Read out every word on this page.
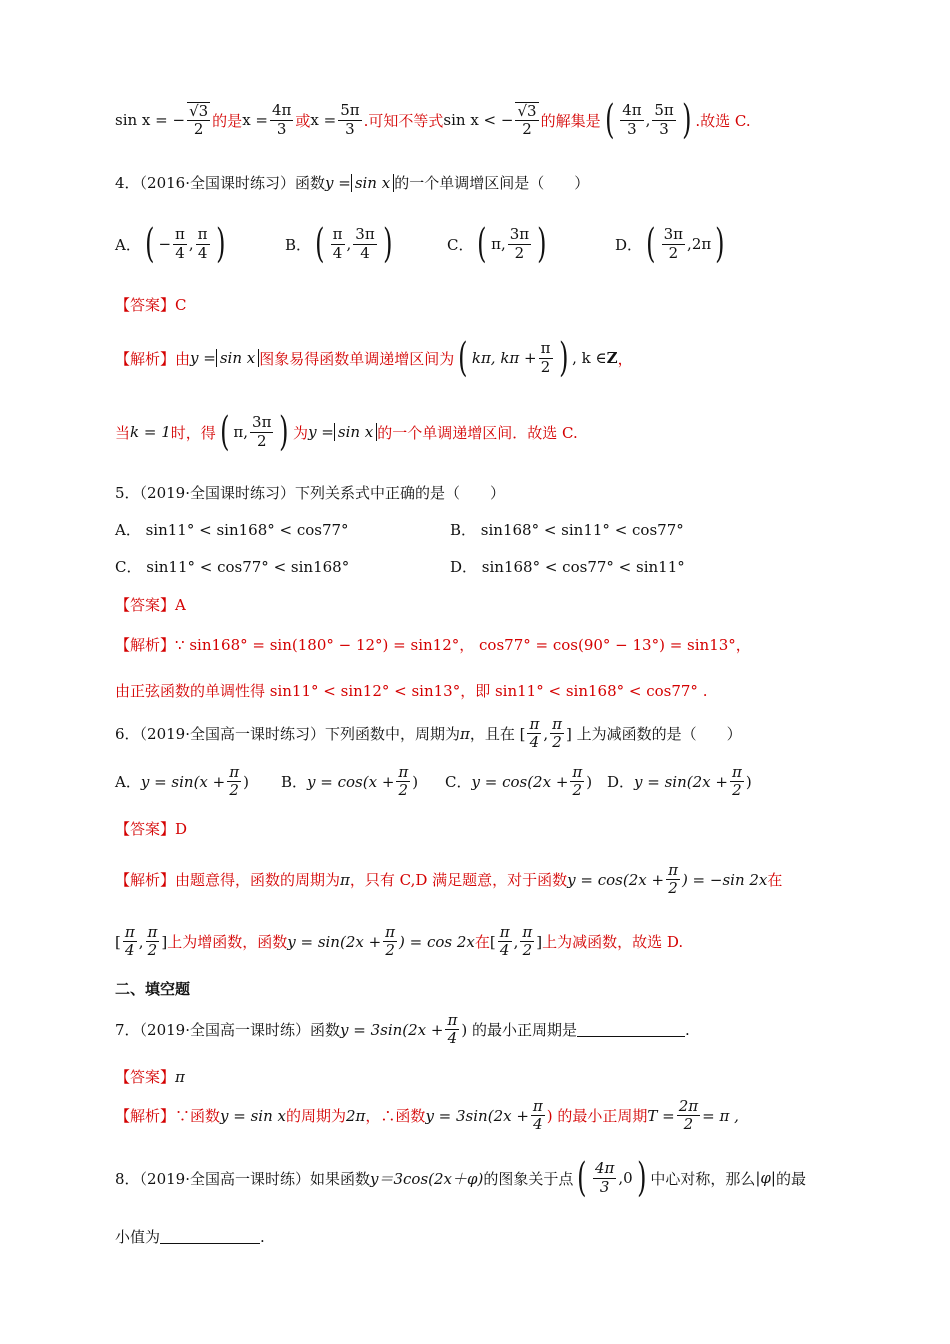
sin x = − $\frac{√3}{2}$ 的是 $x = \frac{4\pi}{3}$ 或 $x = \frac{5\pi}{3}$ .可知不等式 sin x < − $\frac{√3}{2}$ 的解集是 ( $\frac{4\pi}{3}$ , $\frac{5\pi}{3}$ ) .故选 C.
4．（2016·全国课时练习）函数 y = sin x 的一个单调增区间是（　　）
A． ( − $\frac{\pi}{4}$ , $\frac{\pi}{4}$ )	B． ( $\frac{\pi}{4}$ , $\frac{3\pi}{4}$ )	C． ( π, $\frac{3\pi}{2}$ )	D． ( $\frac{3\pi}{2} ,2\pi$ )
【答案】C
【解析】 由 y = sin x 图象易得函数单调递增区间为 ( kπ, $k\pi + \frac{\pi}{2}$ ) , k ∈ Z ，
当 k = 1 时，得 ( π, $\frac{3\pi}{2}$ ) 为 y = sin x 的一个单调递增区间．故选 C.
5．（2019·全国课时练习）下列关系式中正确的是（　　）
A． sin11° < sin168° < cos77°	B． sin168° < sin11° < cos77°
C． sin11° < cos77° < sin168°	D． sin168° < cos77° < sin11°
【答案】A
【解析】 ∵ sin168° = sin(180° − 12°) = sin12°， cos77° = cos(90° − 13°) = sin13°，
由正弦函数的单调性得 sin11° < sin12° < sin13°，即 sin11° < sin168° < cos77° .
6．（2019·全国高一课时练习）下列函数中，周期为 π ，且在 [ $\frac{\pi}{4}$ , $\frac{\pi}{2}$ ] 上为减函数的是（　　）
A． $y = \sin(x + \frac{\pi}{2}$ ) B． $y = \cos(x + \frac{\pi}{2}$ ) C． $y = \cos(2x + \frac{\pi}{2}$ ) D． $y = \sin(2x + \frac{\pi}{2}$ )
【答案】D
【解析】 由题意得，函数的周期为 π ，只有 C,D 满足题意，对于函数 $y = \cos(2x + \frac{\pi}{2}$ ) = −sin 2x 在
[ $\frac{\pi}{4}$ , $\frac{\pi}{2}$ ] 上为增函数，函数 $y = \sin(2x + \frac{\pi}{2}$ ) = cos 2x 在 [ $\frac{\pi}{4}$ , $\frac{\pi}{2}$ ] 上为减函数，故选 D.
二、填空题
7．（2019·全国高一课时练）函数 $y = 3\sin(2x + \frac{\pi}{4}$ ) 的最小正周期是	.
【答案】 π
【解析】 ∵函数 y = sin x 的周期为 2π ，∴函数 $y = 3\sin(2x + \frac{\pi}{4}$ ) 的最小正周期 $T = \frac{2\pi}{2} = \pi$ ,
8．（2019·全国高一课时练）如果函数 y＝3cos(2x＋φ) 的图象关于点 ( $\frac{4\pi}{3} ,0$ ) 中心对称，那么 |φ| 的最
小值为	.
